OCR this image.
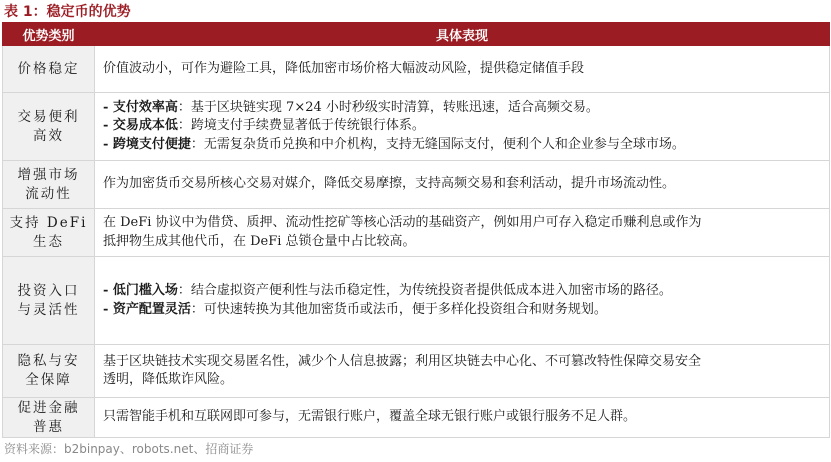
表 1：稳定币的优势
优势类别	具体表现

价格稳定	价值波动小，可作为避险工具，降低加密市场价格大幅波动风险，提供稳定储值手段

交易便利
高效	- 支付效率高：基于区块链实现 7×24 小时秒级实时清算，转账迅速，适合高频交易。
- 交易成本低：跨境支付手续费显著低于传统银行体系。
- 跨境支付便捷：无需复杂货币兑换和中介机构，支持无缝国际支付，便利个人和企业参与全球市场。

增强市场
流动性	作为加密货币交易所核心交易对媒介，降低交易摩擦，支持高频交易和套利活动，提升市场流动性。

支持 DeFi
生态	在 DeFi 协议中为借贷、质押、流动性挖矿等核心活动的基础资产，例如用户可存入稳定币赚利息或作为
抵押物生成其他代币，在 DeFi 总锁仓量中占比较高。

投资入口
与灵活性	- 低门槛入场：结合虚拟资产便利性与法币稳定性，为传统投资者提供低成本进入加密市场的路径。
- 资产配置灵活：可快速转换为其他加密货币或法币，便于多样化投资组合和财务规划。

隐私与安
全保障	基于区块链技术实现交易匿名性，减少个人信息披露；利用区块链去中心化、不可篡改特性保障交易安全
透明，降低欺诈风险。

促进金融
普惠	只需智能手机和互联网即可参与，无需银行账户，覆盖全球无银行账户或银行服务不足人群。
资料来源：b2binpay、robots.net、招商证券
